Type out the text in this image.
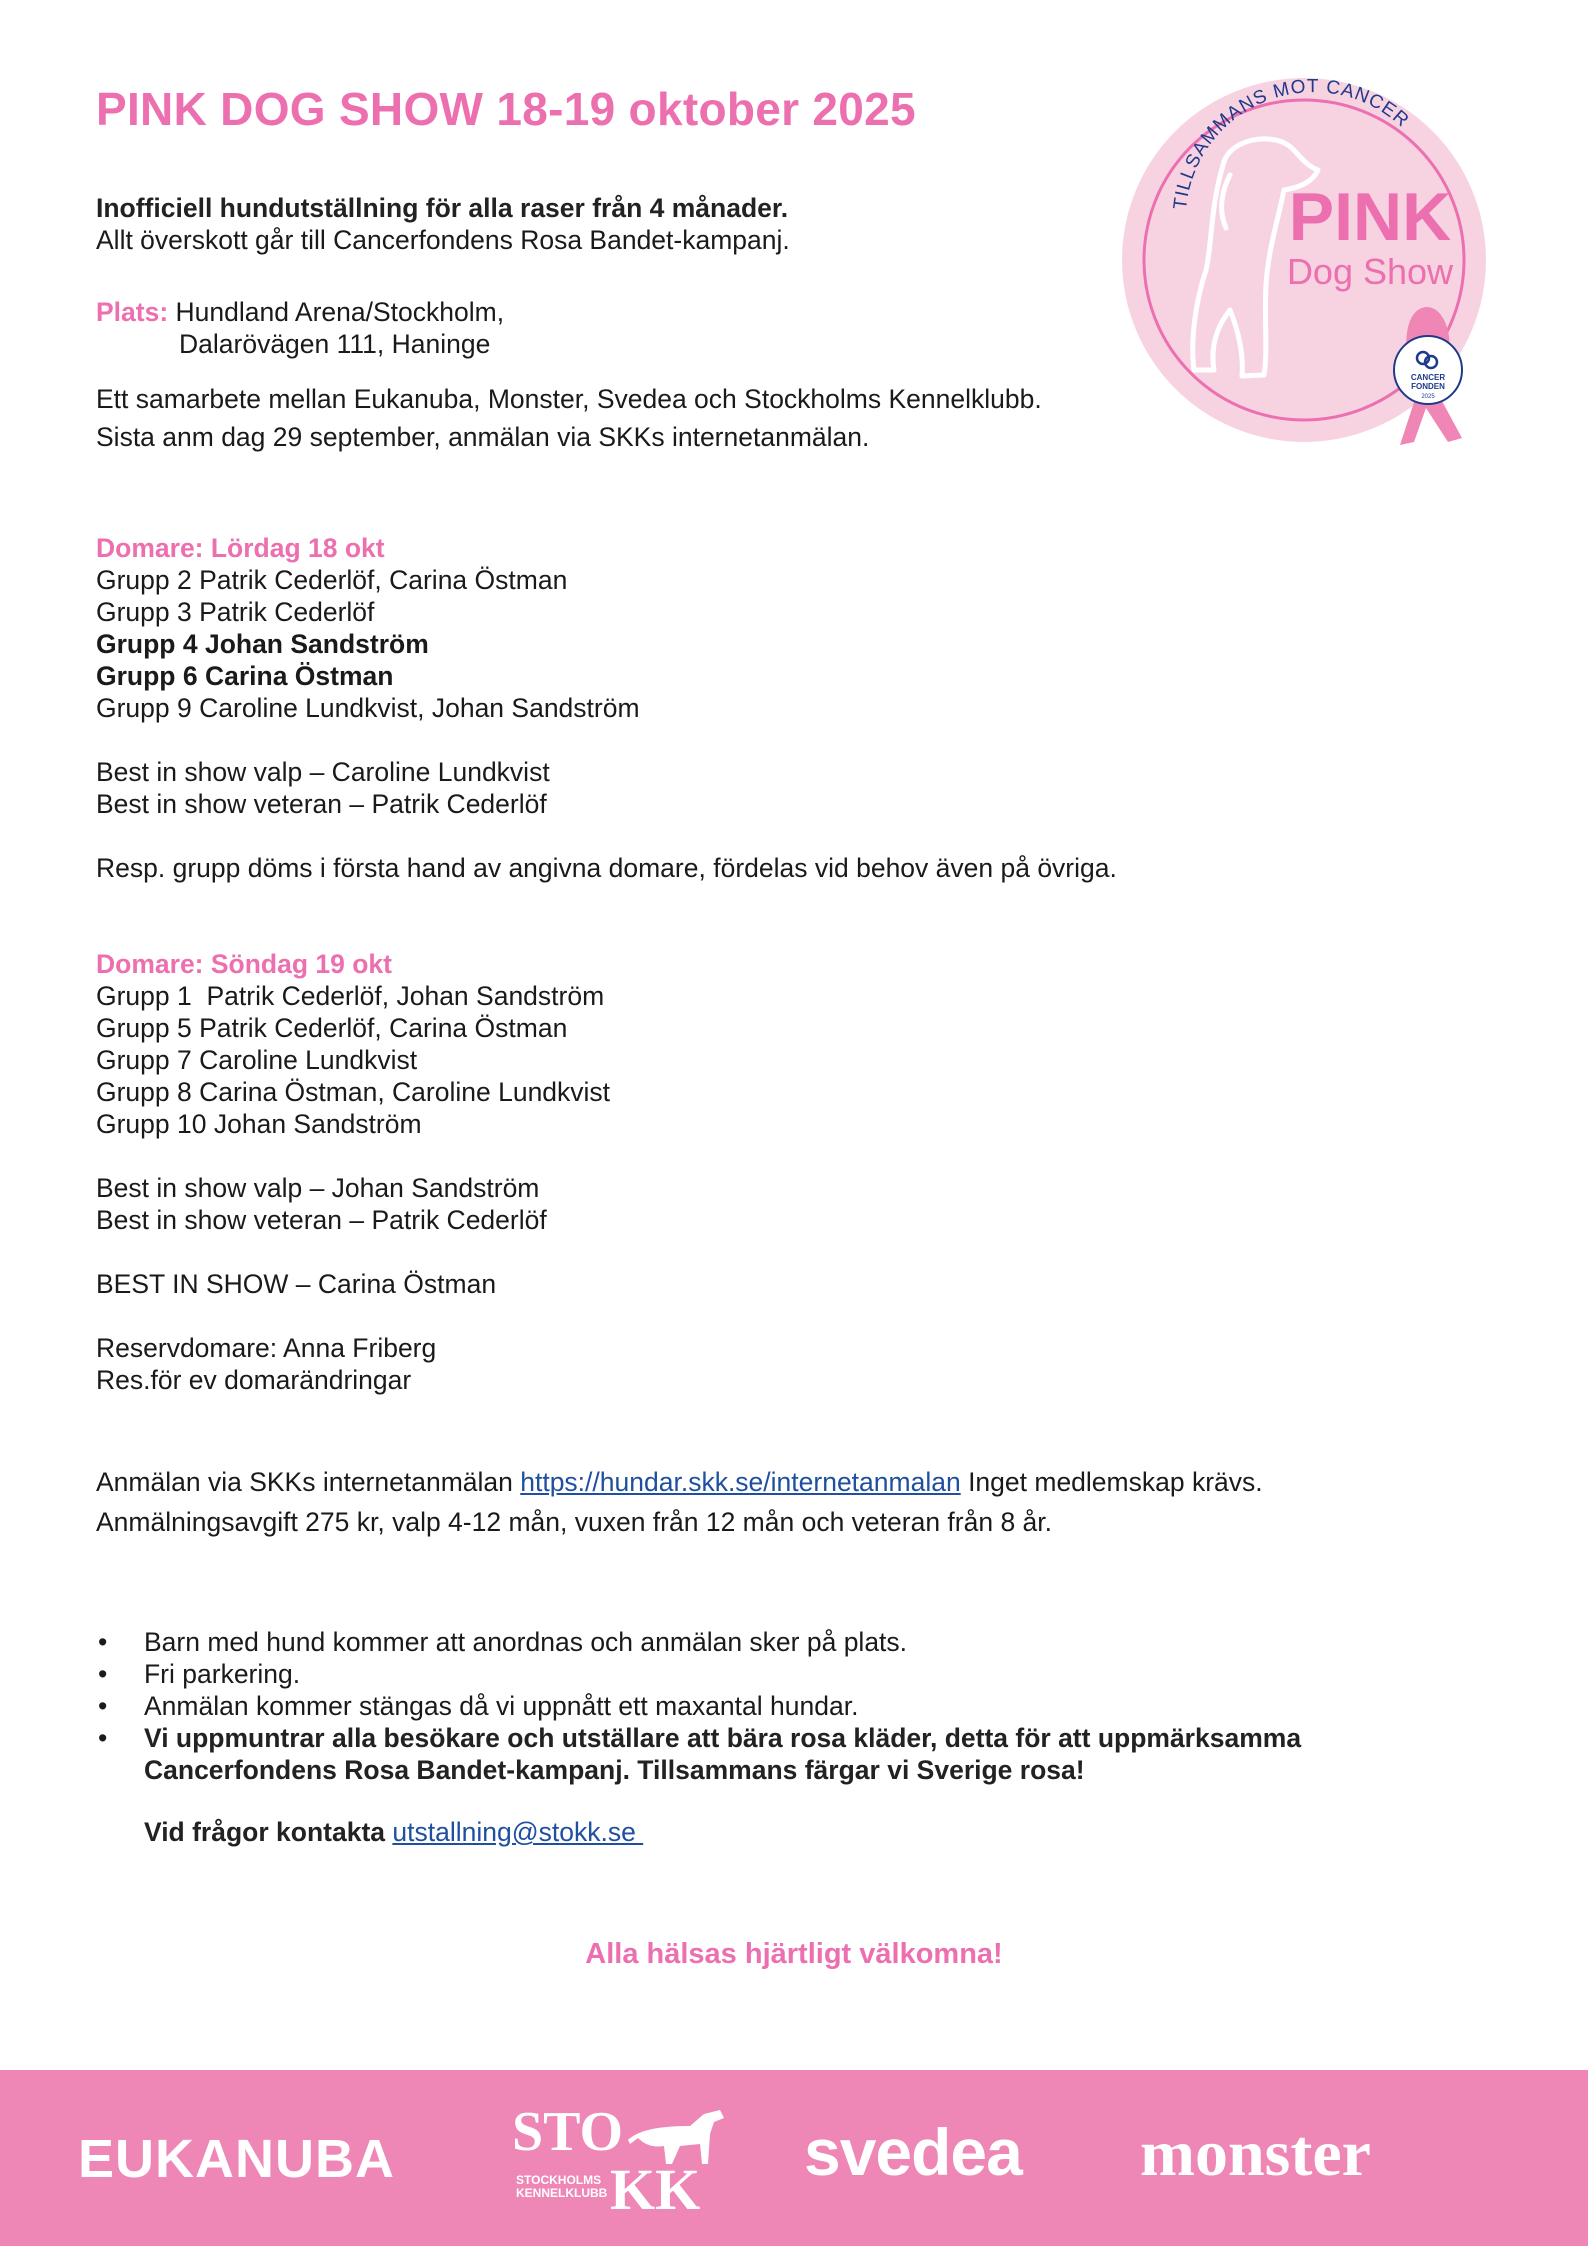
PINK DOG SHOW 18-19 oktober 2025
TILLSAMMANS MOT CANCER
PINK
Dog Show
CANCER
FONDEN
2025
Inofficiell hundutställning för alla raser från 4 månader.
Allt överskott går till Cancerfondens Rosa Bandet-kampanj.
Plats: Hundland Arena/Stockholm,
Dalarövägen 111, Haninge
Ett samarbete mellan Eukanuba, Monster, Svedea och Stockholms Kennelklubb.
Sista anm dag 29 september, anmälan via SKKs internetanmälan.
Domare: Lördag 18 okt
Grupp 2 Patrik Cederlöf, Carina Östman
Grupp 3 Patrik Cederlöf
Grupp 4 Johan Sandström
Grupp 6 Carina Östman
Grupp 9 Caroline Lundkvist, Johan Sandström
Best in show valp – Caroline Lundkvist
Best in show veteran – Patrik Cederlöf
Resp. grupp döms i första hand av angivna domare, fördelas vid behov även på övriga.
Domare: Söndag 19 okt
Grupp 1  Patrik Cederlöf, Johan Sandström
Grupp 5 Patrik Cederlöf, Carina Östman
Grupp 7 Caroline Lundkvist
Grupp 8 Carina Östman, Caroline Lundkvist
Grupp 10 Johan Sandström
Best in show valp – Johan Sandström
Best in show veteran – Patrik Cederlöf
BEST IN SHOW – Carina Östman
Reservdomare: Anna Friberg
Res.för ev domarändringar
Anmälan via SKKs internetanmälan https://hundar.skk.se/internetanmalan Inget medlemskap krävs.
Anmälningsavgift 275 kr, valp 4-12 mån, vuxen från 12 mån och veteran från 8 år.
• Barn med hund kommer att anordnas och anmälan sker på plats.
• Fri parkering.
• Anmälan kommer stängas då vi uppnått ett maxantal hundar.
• Vi uppmuntrar alla besökare och utställare att bära rosa kläder, detta för att uppmärksamma Cancerfondens Rosa Bandet-kampanj. Tillsammans färgar vi Sverige rosa!
Vid frågor kontakta utstallning@stokk.se
Alla hälsas hjärtligt välkomna!
EUKANUBA STO
STOCKHOLMS
KENNELKLUBB KK
svedea monster
